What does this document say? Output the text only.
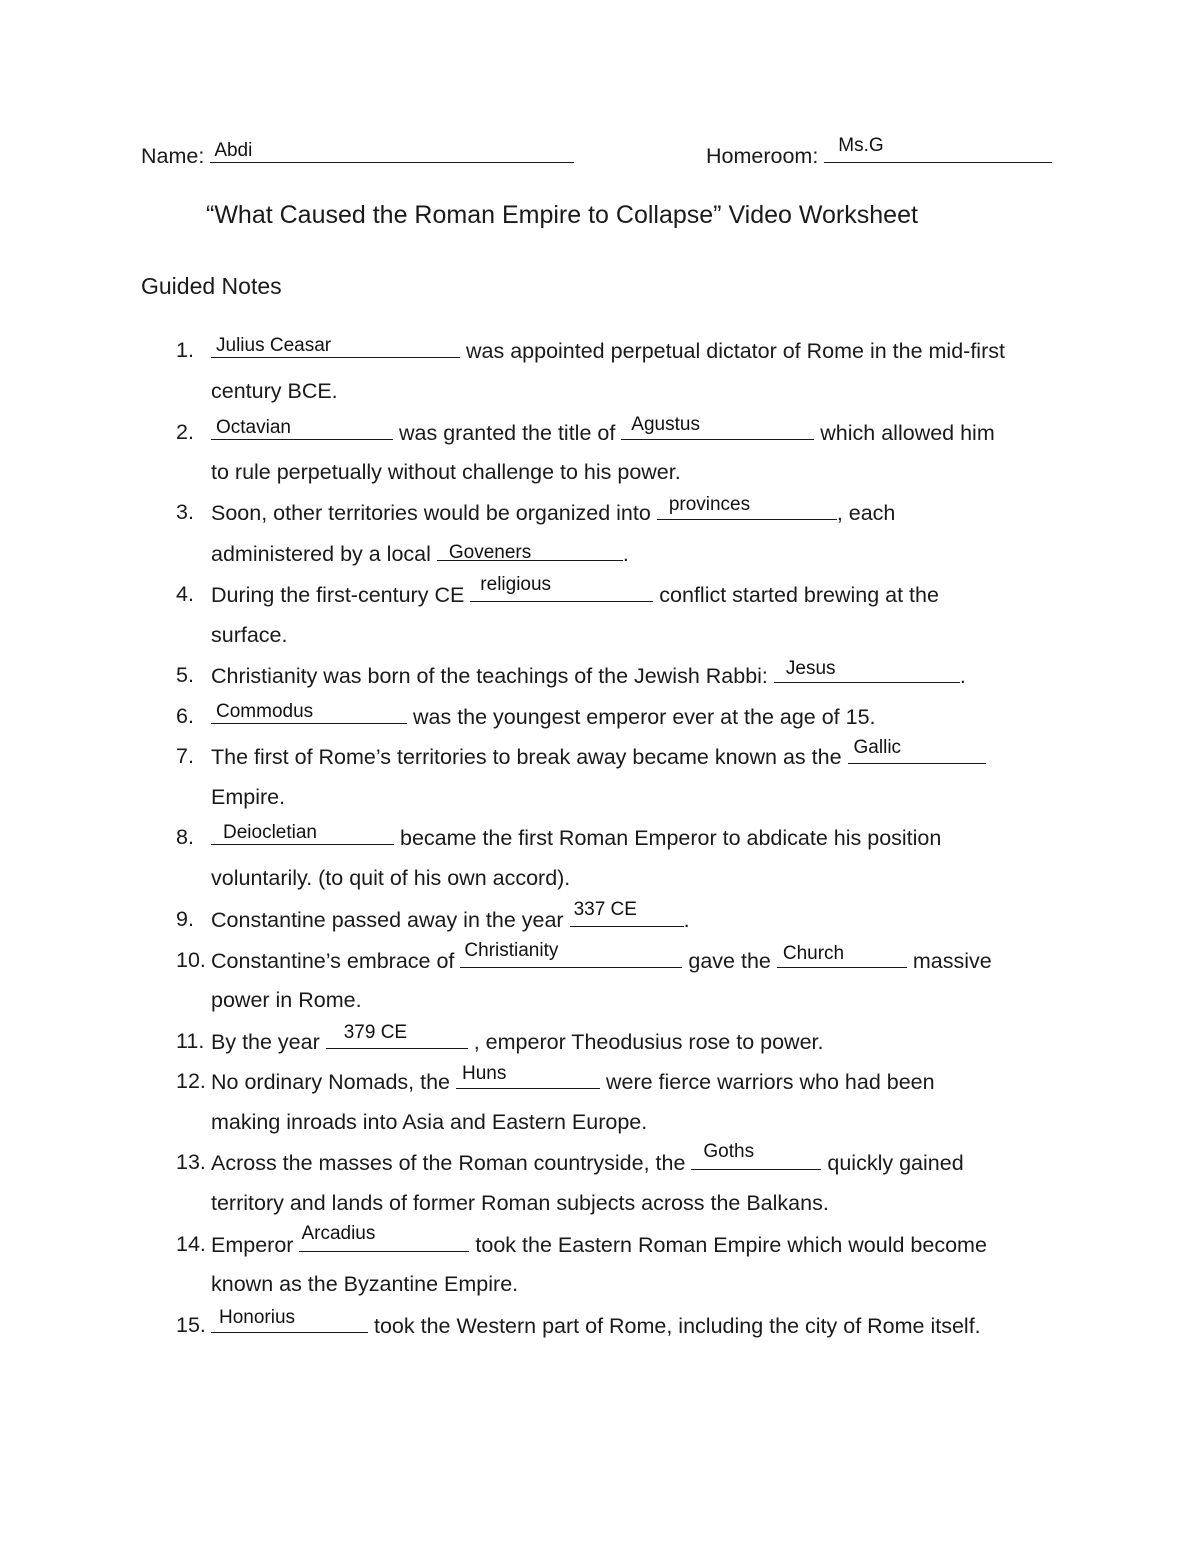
Name: Abdi	Homeroom: Ms.G
“What Caused the Roman Empire to Collapse” Video Worksheet
Guided Notes
1. Julius Ceasar	was appointed perpetual dictator of Rome in the mid-first
century BCE.
2. Octavian	was granted the title of Agustus	which allowed him
to rule perpetually without challenge to his power.
3. Soon, other territories would be organized into provinces	, each
administered by a local Goveners	.
4. During the first-century CE religious	conflict started brewing at the
surface.
5. Christianity was born of the teachings of the Jewish Rabbi: Jesus	.
6. Commodus	was the youngest emperor ever at the age of 15.
7. The first of Rome’s territories to break away became known as the Gallic
Empire.
8. Deiocletian	became the first Roman Emperor to abdicate his position
voluntarily. (to quit of his own accord).
9. Constantine passed away in the year 337 CE .
10. Constantine’s embrace of Christianity	gave the Church	massive
power in Rome.
11. By the year 379 CE	, emperor Theodusius rose to power.
12. No ordinary Nomads, the Huns	were fierce warriors who had been
making inroads into Asia and Eastern Europe.
13. Across the masses of the Roman countryside, the Goths	quickly gained
territory and lands of former Roman subjects across the Balkans.
14. Emperor Arcadius	took the Eastern Roman Empire which would become
known as the Byzantine Empire.
15. Honorius	took the Western part of Rome, including the city of Rome itself.
